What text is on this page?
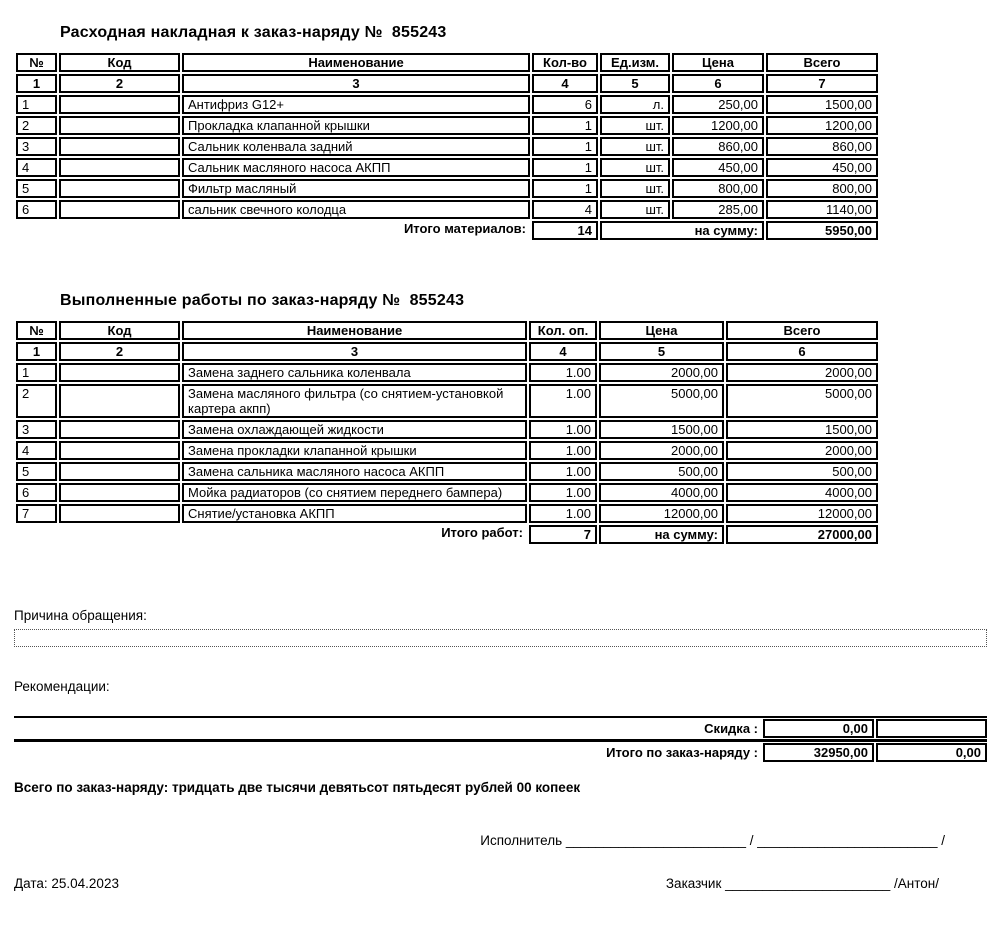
Расходная накладная к заказ-наряду №  855243
№	Код	Наименование	Кол-во	Ед.изм.	Цена	Всего
1	2	3	4	5	6	7
1		Антифриз G12+	6	л.	250,00	1500,00
2		Прокладка клапанной крышки	1	шт.	1200,00	1200,00
3		Сальник коленвала задний	1	шт.	860,00	860,00
4		Сальник масляного насоса АКПП	1	шт.	450,00	450,00
5		Фильтр масляный	1	шт.	800,00	800,00
6		сальник свечного колодца	4	шт.	285,00	1140,00
Итого материалов:			14	на сумму:		5950,00
Выполненные работы по заказ-наряду №  855243
№	Код	Наименование	Кол. оп.	Цена	Всего
1	2	3	4	5	6
1		Замена заднего сальника коленвала	1.00	2000,00	2000,00
2		Замена масляного фильтра (со снятием-установкой картера акпп)	1.00	5000,00	5000,00
3		Замена охлаждающей жидкости	1.00	1500,00	1500,00
4		Замена прокладки клапанной крышки	1.00	2000,00	2000,00
5		Замена сальника масляного насоса АКПП	1.00	500,00	500,00
6		Мойка радиаторов (со снятием переднего бампера)	1.00	4000,00	4000,00
7		Снятие/установка АКПП	1.00	12000,00	12000,00
Итого работ:			7	на сумму:	27000,00
Причина обращения:
Рекомендации:
Скидка :	0,00
Итого по заказ-наряду :	32950,00	0,00
Всего по заказ-наряду: тридцать две тысячи девятьсот пятьдесят рублей 00 копеек
Исполнитель ________________________ / ________________________ /
Дата: 25.04.2023	Заказчик ______________________ /Антон/
